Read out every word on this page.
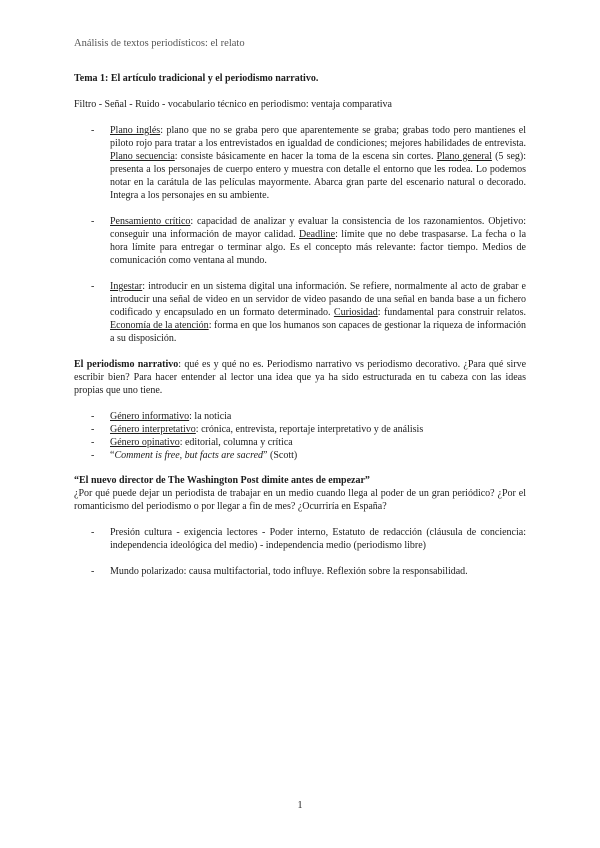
Análisis de textos periodísticos: el relato

Tema 1: El artículo tradicional y el periodismo narrativo.

Filtro - Señal - Ruido - vocabulario técnico en periodismo: ventaja comparativa

- Plano inglés: plano que no se graba pero que aparentemente se graba; grabas todo pero mantienes el piloto rojo para tratar a los entrevistados en igualdad de condiciones; mejores habilidades de entrevista. Plano secuencia: consiste básicamente en hacer la toma de la escena sin cortes. Plano general (5 seg): presenta a los personajes de cuerpo entero y muestra con detalle el entorno que les rodea. Lo podemos notar en la carátula de las películas mayormente. Abarca gran parte del escenario natural o decorado. Integra a los personajes en su ambiente.
- Pensamiento crítico: capacidad de analizar y evaluar la consistencia de los razonamientos. Objetivo: conseguir una información de mayor calidad. Deadline: límite que no debe traspasarse. La fecha o la hora límite para entregar o terminar algo. Es el concepto más relevante: factor tiempo. Medios de comunicación como ventana al mundo.
- Ingestar: introducir en un sistema digital una información. Se refiere, normalmente al acto de grabar e introducir una señal de video en un servidor de video pasando de una señal en banda base a un fichero codificado y encapsulado en un formato determinado. Curiosidad: fundamental para construir relatos. Economía de la atención: forma en que los humanos son capaces de gestionar la riqueza de información a su disposición.

El periodismo narrativo: qué es y qué no es. Periodismo narrativo vs periodismo decorativo. ¿Para qué sirve escribir bien? Para hacer entender al lector una idea que ya ha sido estructurada en tu cabeza con las ideas propias que uno tiene.

- Género informativo: la noticia
- Género interpretativo: crónica, entrevista, reportaje interpretativo y de análisis
- Género opinativo: editorial, columna y crítica
- “Comment is free, but facts are sacred” (Scott)

“El nuevo director de The Washington Post dimite antes de empezar”

¿Por qué puede dejar un periodista de trabajar en un medio cuando llega al poder de un gran periódico? ¿Por el romanticismo del periodismo o por llegar a fin de mes? ¿Ocurriría en España?

- Presión cultura - exigencia lectores - Poder interno, Estatuto de redacción (cláusula de conciencia: independencia ideológica del medio) - independencia medio (periodismo libre)
- Mundo polarizado: causa multifactorial, todo influye. Reflexión sobre la responsabilidad.
1
